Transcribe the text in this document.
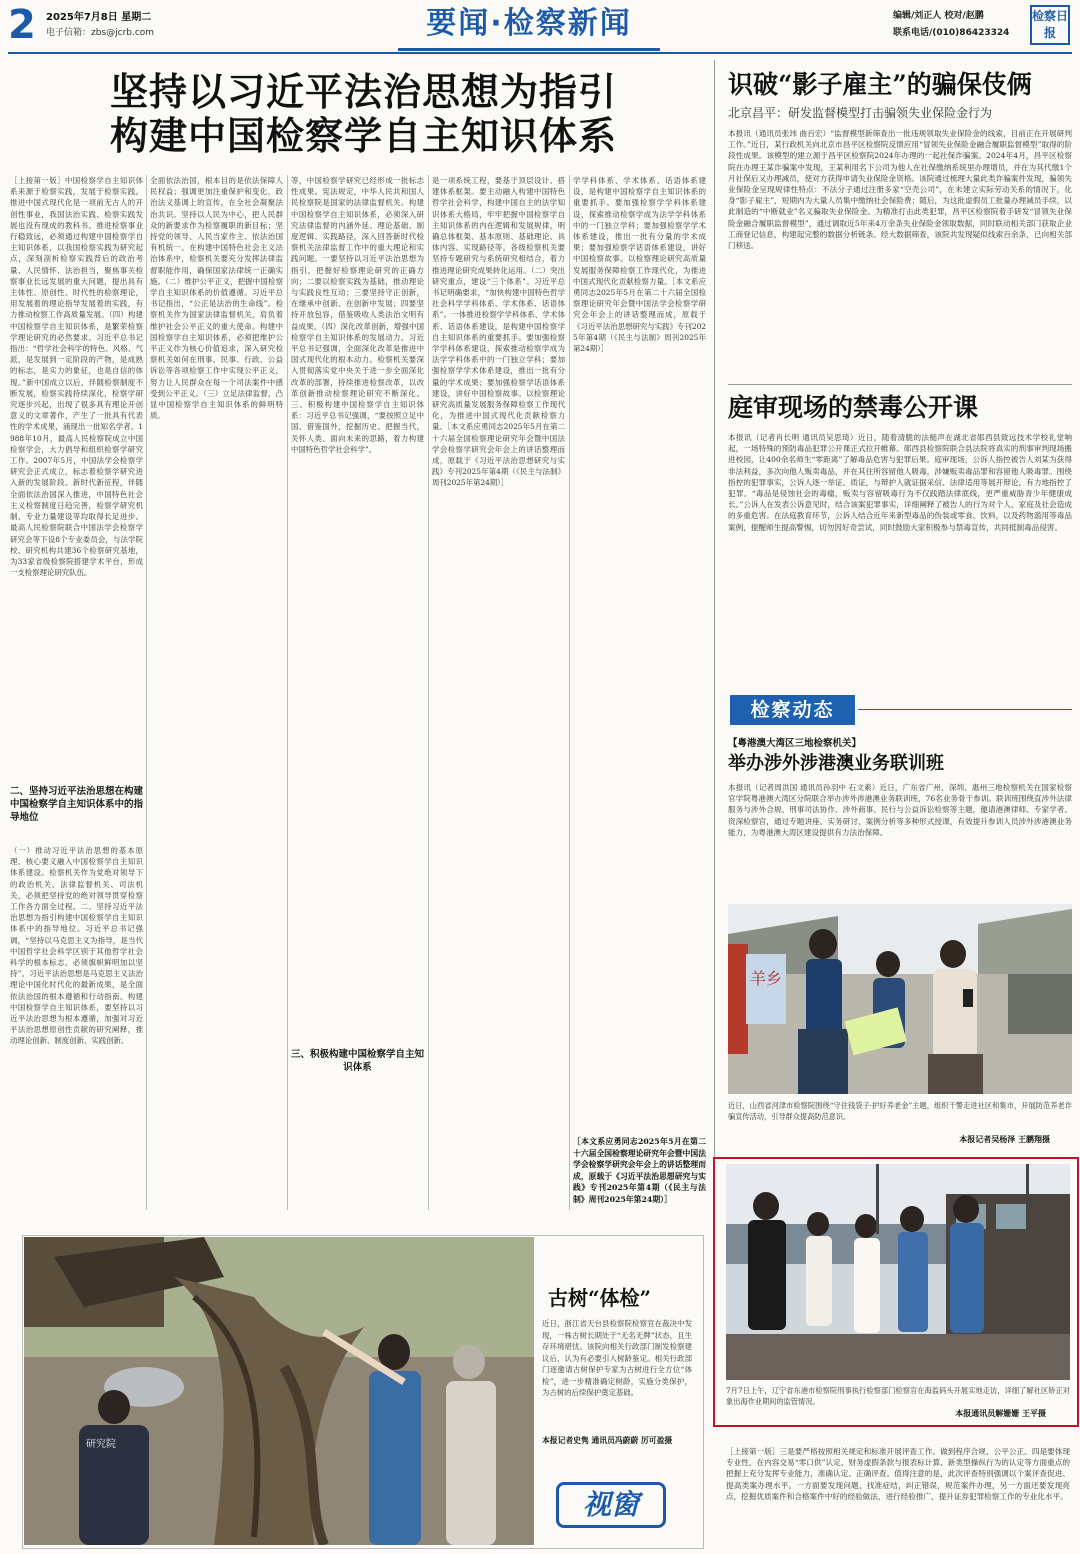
2 2025年7月8日 星期二
电子信箱：zbs@jcrb.com	要闻·检察新闻	编辑/刘正人 校对/赵鹏
联系电话/(010)86423324
检察日报
坚持以习近平法治思想为指引
构建中国检察学自主知识体系
［上接第一版］中国检察学自主知识体系来源于检察实践，发展于检察实践。推进中国式现代化是一项前无古人的开创性事业，我国法治实践、检察实践发展也没有现成的教科书。推进检察事业行稳致远，必须通过构建中国检察学自主知识体系，以我国检察实践为研究起点，深刻剖析检察实践背后的政治考量、人民情怀、法治担当，聚焦事关检察事业长远发展的重大问题，提出具有主体性、原创性、时代性的检察理论，用发展着的理论指导发展着的实践，有力推动检察工作高质量发展。（四）构建中国检察学自主知识体系，是繁荣检察学理论研究的必然要求。习近平总书记指出：“哲学社会科学的特色、风格、气派，是发展到一定阶段的产物，是成熟的标志，是实力的象征，也是自信的体现。”新中国成立以后，伴随检察制度不断发展，检察实践持续深化，检察学研究逐步兴起，出现了很多具有理论开创意义的文章著作，产生了一批具有代表性的学术成果，涌现出一批知名学者。1988年10月，最高人民检察院成立中国检察学会，大力倡导和组织检察学研究工作。2007年5月，中国法学会检察学研究会正式成立，标志着检察学研究进入新的发展阶段。新时代新征程，伴随全面依法治国深入推进，中国特色社会主义检察制度日趋完善，检察学研究机制、专业力量建设等均取得长足进步。最高人民检察院联合中国法学会检察学研究会等下设8个专业委员会，与法学院校、研究机构共建36个检察研究基地，为33家省级检察院搭建学术平台，形成一支检察理论研究队伍。
二、坚持习近平法治思想在构建中国检察学自主知识体系中的指导地位
（一）推动习近平法治思想的基本原理、核心要义融入中国检察学自主知识体系建设。检察机关作为党绝对领导下的政治机关、法律监督机关、司法机关，必须把坚持党的绝对领导贯穿检察工作各方面全过程。二、坚持习近平法治思想为指引构建中国检察学自主知识体系中的指导地位。习近平总书记强调，“坚持以马克思主义为指导，是当代中国哲学社会科学区别于其他哲学社会科学的根本标志，必须旗帜鲜明加以坚持”。习近平法治思想是马克思主义法治理论中国化时代化的最新成果，是全面依法治国的根本遵循和行动指南。构建中国检察学自主知识体系，要坚持以习近平法治思想为根本遵循，加强对习近平法治思想原创性贡献的研究阐释，推动理论创新、制度创新、实践创新。
全面依法治国，根本目的是依法保障人民权益；强调更加注重保护和变化，政治法义基调上的宣传，在全社会凝聚法治共识。坚持以人民为中心，把人民群众的新要求作为检察履职的新目标；坚持党的领导、人民当家作主、依法治国有机统一。在构建中国特色社会主义法治体系中，检察机关要充分发挥法律监督职能作用，确保国家法律统一正确实施。（二）维护公平正义，把握中国检察学自主知识体系的价值遵循。习近平总书记指出，“公正是法治的生命线”。检察机关作为国家法律监督机关，肩负着维护社会公平正义的重大使命。构建中国检察学自主知识体系，必须把维护公平正义作为核心价值追求，深入研究检察机关如何在刑事、民事、行政、公益诉讼等各项检察工作中实现公平正义，努力让人民群众在每一个司法案件中感受到公平正义。（三）立足法律监督，凸显中国检察学自主知识体系的鲜明特质。
等，中国检察学研究已经形成一批标志性成果。宪法规定，中华人民共和国人民检察院是国家的法律监督机关。构建中国检察学自主知识体系，必须深入研究法律监督的内涵外延、理论基础、制度逻辑、实践路径，深入回答新时代检察机关法律监督工作中的重大理论和实践问题。一要坚持以习近平法治思想为指引，把握好检察理论研究的正确方向；二要以检察实践为基础，推动理论与实践良性互动；三要坚持守正创新，在继承中创新、在创新中发展；四要坚持开放包容，借鉴吸收人类法治文明有益成果。（四）深化改革创新，增强中国检察学自主知识体系的发展动力。习近平总书记强调，全面深化改革是推进中国式现代化的根本动力。检察机关要深入贯彻落实党中央关于进一步全面深化改革的部署，持续推进检察改革，以改革创新推动检察理论研究不断深化。三、积极构建中国检察学自主知识体系：习近平总书记强调，“要按照立足中国、借鉴国外，挖掘历史、把握当代，关怀人类、面向未来的思路，着力构建中国特色哲学社会科学”。
三、积极构建中国检察学自主知识体系
是一项系统工程，要基于顶层设计、搭建体系框架。要主动融入构建中国特色哲学社会科学，构建中国自主的法学知识体系大格局，牢牢把握中国检察学自主知识体系的内在逻辑和发展规律，明确总体框架、基本原则、基础理论、具体内容、实现路径等。各级检察机关要坚持专题研究与系统研究相结合，着力推进理论研究成果转化运用。（二）突出研究重点，建设“三个体系”。习近平总书记明确要求，“加快构建中国特色哲学社会科学学科体系、学术体系、话语体系”。一体推进检察学学科体系、学术体系、话语体系建设，是构建中国检察学自主知识体系的重要抓手。要加强检察学学科体系建设，探索推动检察学成为法学学科体系中的一门独立学科；要加强检察学学术体系建设，推出一批有分量的学术成果；要加强检察学话语体系建设，讲好中国检察故事。以检察理论研究高质量发展服务保障检察工作现代化，为推进中国式现代化贡献检察力量。［本文系应勇同志2025年5月在第二十六届全国检察理论研究年会暨中国法学会检察学研究会年会上的讲话整理而成，原载于《习近平法治思想研究与实践》专刊2025年第4期（《民主与法制》周刊2025年第24期）］
学学科体系、学术体系、话语体系建设，是构建中国检察学自主知识体系的重要抓手。要加强检察学学科体系建设，探索推动检察学成为法学学科体系中的一门独立学科；要加强检察学学术体系建设，推出一批有分量的学术成果；要加强检察学话语体系建设，讲好中国检察故事。以检察理论研究高质量发展服务保障检察工作现代化，为推进中国式现代化贡献检察力量。［本文系应勇同志2025年5月在第二十六届全国检察理论研究年会暨中国法学会检察学研究会年会上的讲话整理而成，原载于《习近平法治思想研究与实践》专刊2025年第4期（《民主与法制》周刊2025年第24期）］
［本文系应勇同志2025年5月在第二十六届全国检察理论研究年会暨中国法学会检察学研究会年会上的讲话整理而成，原载于《习近平法治思想研究与实践》专刊2025年第4期（《民主与法制》周刊2025年第24期）］
识破“影子雇主”的骗保伎俩
北京昌平：研发监督模型打击骗领失业保险金行为
本报讯（通讯员张玮 曲百宏）“监督模型新筛查出一批违规领取失业保险金的线索，目前正在开展研判工作。”近日，某行政机关向北京市昌平区检察院反馈应用“冒领失业保险金融合履职监督模型”取得的阶段性成果。该模型的建立源于昌平区检察院2024年办理的一起社保诈骗案。2024年4月，昌平区检察院在办理王某诈骗案中发现，王某利用名下公司为他人在社保缴纳系统里办理增员，并在为其代缴1个月社保后又办理减员，使对方获得申请失业保险金资格。该院通过梳理大量此类诈骗案件发现，骗领失业保险金呈现规律性特点：不法分子通过注册多家“空壳公司”，在未建立实际劳动关系的情况下，化身“影子雇主”，短期内为大量人员集中缴纳社会保险费；随后，为这批虚假员工批量办理减员手续，以此制造的“中断就业”名义骗取失业保险金。为精准打击此类犯罪，昌平区检察院着手研发“冒领失业保险金融合履职监督模型”，通过调取近5年来4万余条失业保险金领取数据，同时联动相关部门获取企业工商登记信息，构建起完整的数据分析链条。经大数据筛查，该院共发现疑似线索百余条，已向相关部门移送。
庭审现场的禁毒公开课
本报讯（记者肖长明 通讯员吴思琦）近日，随着清脆的法槌声在湖北省郧西县致远技术学校礼堂响起，一场特殊的预防毒品犯罪公开课正式拉开帷幕。郧西县检察院联合县法院将真实的刑事审判现场搬进校园，让400余名师生“零距离”了解毒品危害与犯罪后果。庭审现场，公诉人指控被告人刘某为获得非法利益，多次向他人贩卖毒品，并在其住所容留他人吸毒，涉嫌贩卖毒品罪和容留他人吸毒罪。围绕指控的犯罪事实，公诉人逐一举证、质证，与辩护人就证据采信、法律适用等展开辩论，有力地指控了犯罪。“毒品是侵蚀社会的毒瘤，贩卖与容留吸毒行为不仅践踏法律底线，更严重威胁青少年健康成长。”公诉人在发表公诉意见时，结合该案犯罪事实，详细阐释了被告人的行为对个人、家庭及社会造成的多重危害。在法庭教育环节，公诉人结合近年来新型毒品的伪装或零食、饮料，以及药物滥用等毒品案例，提醒师生提高警惕，切勿因好奇尝试，同时鼓励大家积极参与禁毒宣传，共同抵制毒品侵害。
检察动态
【粤港澳大湾区三地检察机关】
举办涉外涉港澳业务联训班
本报讯（记者周洪国 通讯员孙羽中 石文素）近日，广东省广州、深圳、惠州三地检察机关在国家检察官学院粤港澳大湾区分院联合举办涉外涉港澳业务联训班，76名业务骨干参训。联训班围绕直涉外法律服务与涉外合规、刑事司法协作、涉外商事、民行与公益诉讼检察等主题，邀请港澳律师、专家学者、资深检察官，通过专题讲座、实务研讨、案例分析等多种形式授课，有效提升参训人员涉外涉港澳业务能力，为粤港澳大湾区建设提供有力法治保障。
羊乡
近日，山西省河津市检察院围绕“守住钱袋子·护好养老金”主题，组织干警走进社区和集市，开展防范养老诈骗宣传活动，引导群众提高防范意识。
本报记者吴杨泽 王鹏翔摄
7月7日上午，辽宁省东港市检察院刑事执行检察部门检察官在海监码头开展实地走访，详细了解社区矫正对象出海作业期间的监管情况。
本报通讯员解姗姗 王平摄
研究院
古树“体检”
近日，浙江省天台县检察院检察官在裁决中发现，一株古树长期处于“无名无牌”状态，且生存环境堪忧。该院向相关行政部门制发检察建议后，认为有必要引入树龄鉴定。相关行政部门逐邀请古树保护专家为古树进行全方位“体检”，进一步精准确定树龄，实施分类保护，为古树的后续保护奠定基础。
本报记者史隽 通讯员冯蔚蔚 厉可盈摄
视窗
［上接第一版］三是要严格按照相关规定和标准开展评查工作。做到程序合规、公平公正。四是要体现专业性，在内容交易“零口供”认定、财务虚假条款与报表标计算、新类型操纵行为的认定等方面重点的把握上充分发挥专业能力，准确认定、正确评查。值得注意的是，此次评查特别强调以个案评查促进、提高类案办理水平。一方面要发现问题、找准症结，纠正错误，规范案件办理，另一方面还要发现亮点，挖掘优质案件和合格案件中好的经验做法，进行经验推广，提升证券犯罪检察工作的专业化水平。
